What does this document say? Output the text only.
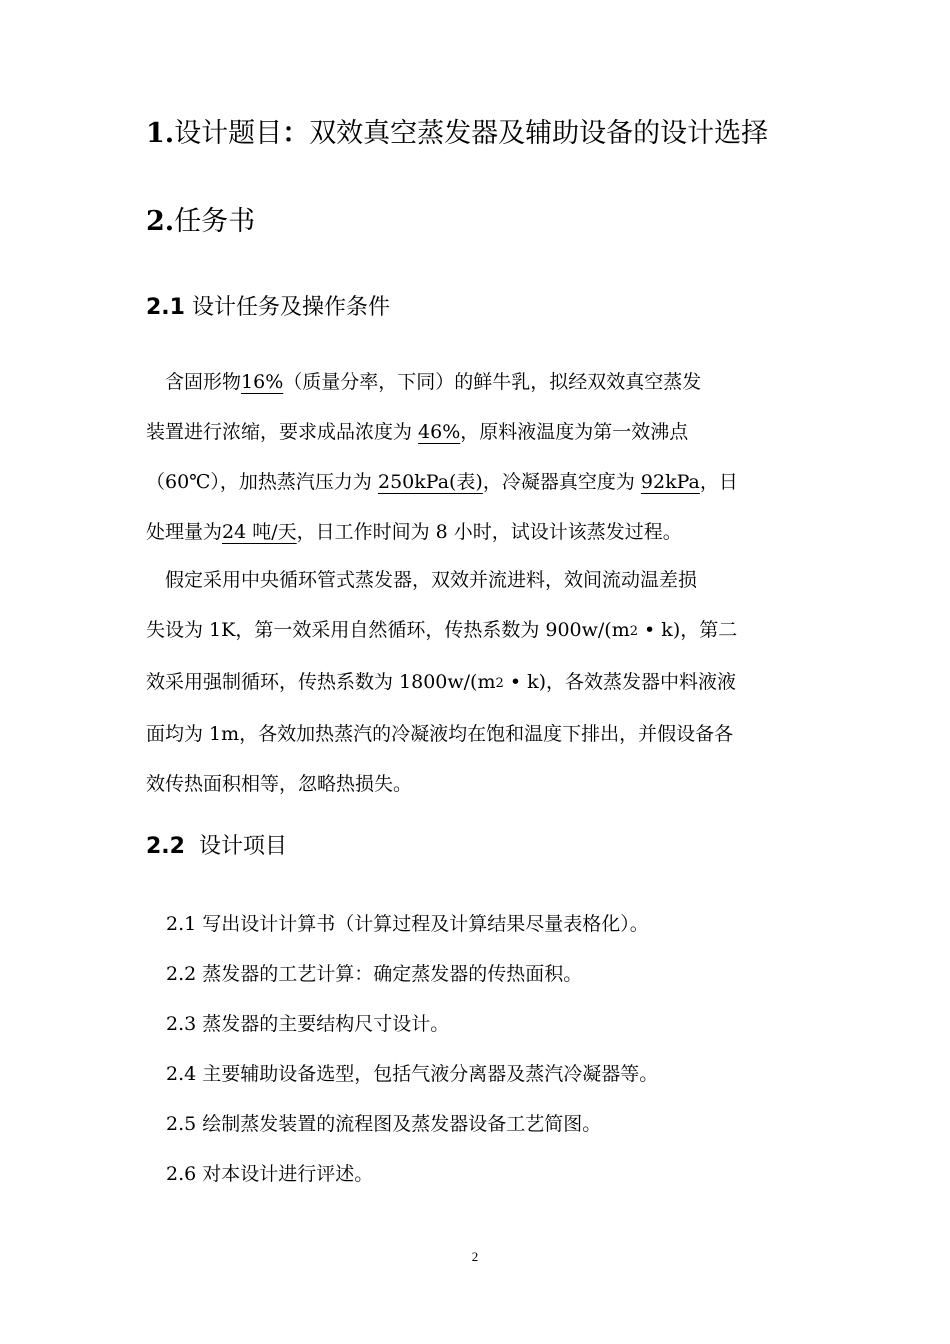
1.设计题目：双效真空蒸发器及辅助设备的设计选择
2.任务书
2.1 设计任务及操作条件
　含固形物16%（质量分率，下同）的鲜牛乳，拟经双效真空蒸发
装置进行浓缩，要求成品浓度为 46%，原料液温度为第一效沸点
（60℃），加热蒸汽压力为 250kPa(表)，冷凝器真空度为 92kPa，日
处理量为24 吨/天，日工作时间为 8 小时，试设计该蒸发过程。
　假定采用中央循环管式蒸发器，双效并流进料，效间流动温差损
失设为 1K，第一效采用自然循环，传热系数为 900w/(m2 • k)，第二
效采用强制循环，传热系数为 1800w/(m2 • k)，各效蒸发器中料液液
面均为 1m，各效加热蒸汽的冷凝液均在饱和温度下排出，并假设备各
效传热面积相等，忽略热损失。
2.2  设计项目
2.1 写出设计计算书（计算过程及计算结果尽量表格化）。
2.2 蒸发器的工艺计算：确定蒸发器的传热面积。
2.3 蒸发器的主要结构尺寸设计。
2.4 主要辅助设备选型，包括气液分离器及蒸汽冷凝器等。
2.5 绘制蒸发装置的流程图及蒸发器设备工艺简图。
2.6 对本设计进行评述。
2
